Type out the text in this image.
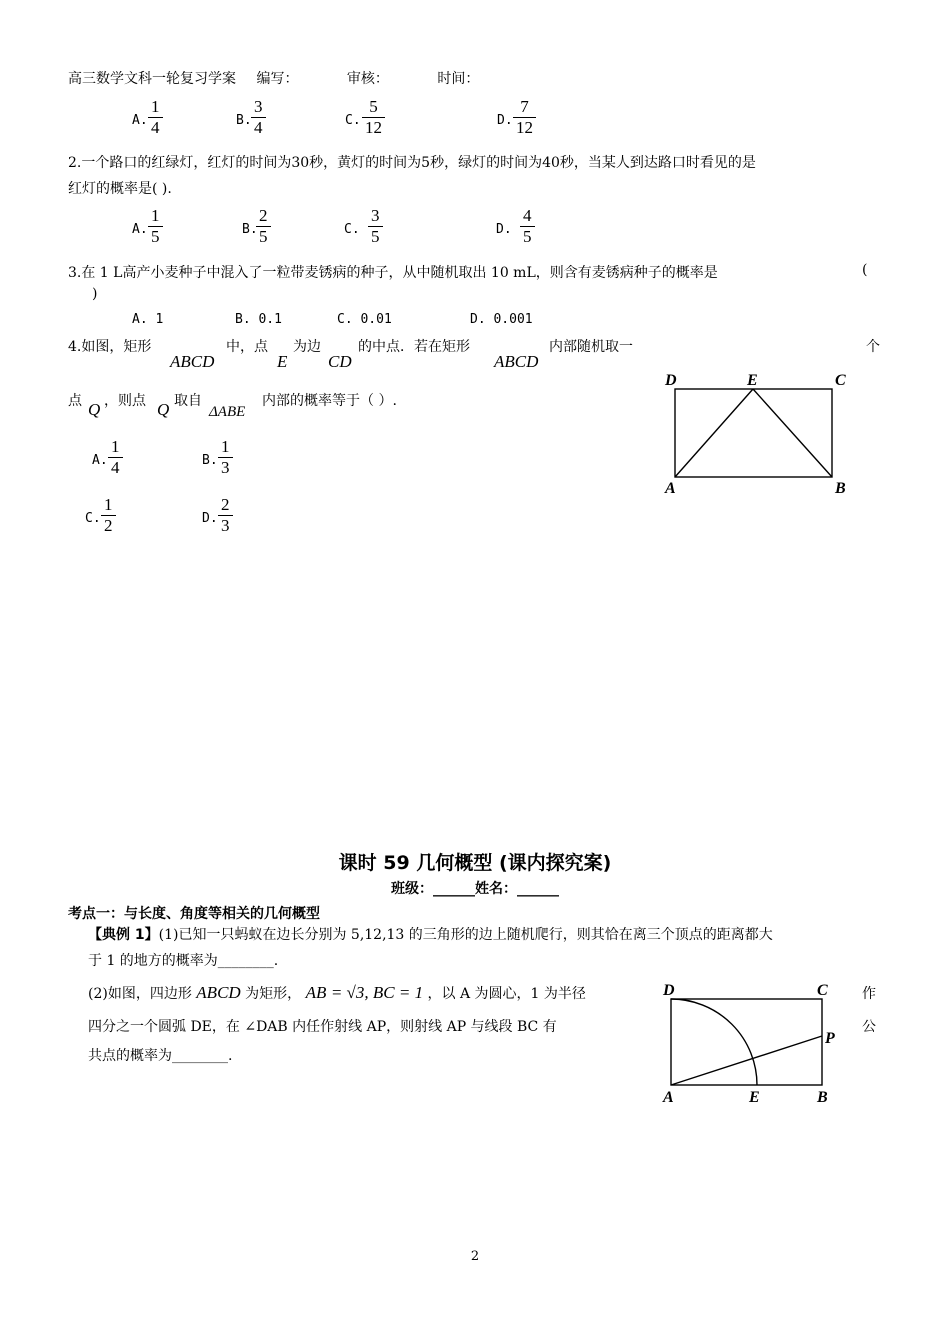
高三数学文科一轮复习学案 编写：	审核：	时间：
A. $\frac{1}{4}$	B. $\frac{3}{4}$	C. $\frac{5}{12}$	D. $\frac{7}{12}$
2.一个路口的红绿灯，红灯的时间为30秒，黄灯的时间为5秒，绿灯的时间为40秒，当某人到达路口时看见的是
红灯的概率是( ).
A. $\frac{1}{5}$	B.
$\frac{2}{5}$	C. $\frac{3}{5}$	D. $\frac{4}{5}$
3.在 1 L高产小麦种子中混入了一粒带麦锈病的种子，从中随机取出 10 mL，则含有麦锈病种子的概率是	(
)
A. 1	B. 0.1	C. 0.01	D. 0.001
4.如图，矩形
ABCD
中，点
E
为边
CD
的中点．若在矩形
ABCD
内部随机取一	个
点 Q ，则点 Q 取自
ΔABE
内部的概率等于（ ）.
A. $\frac{1}{4}$	B. $\frac{1}{3}$
C. $\frac{1}{2}$	D. $\frac{2}{3}$
D	E	C
A	B
课时 59 几何概型 (课内探究案)
班级：______姓名：______
考点一：与长度、角度等相关的几何概型
【典例 1】(1)已知一只蚂蚁在边长分别为 5,12,13 的三角形的边上随机爬行，则其恰在离三个顶点的距离都大
于 1 的地方的概率为________.
(2)如图，四边形 ABCD 为矩形， AB = √3, BC = 1 ，以 A 为圆心，1 为半径	作
四分之一个圆弧 DE，在 ∠DAB 内任作射线 AP，则射线 AP 与线段 BC 有	公
共点的概率为________.
D	C
P
A	E	B
2
